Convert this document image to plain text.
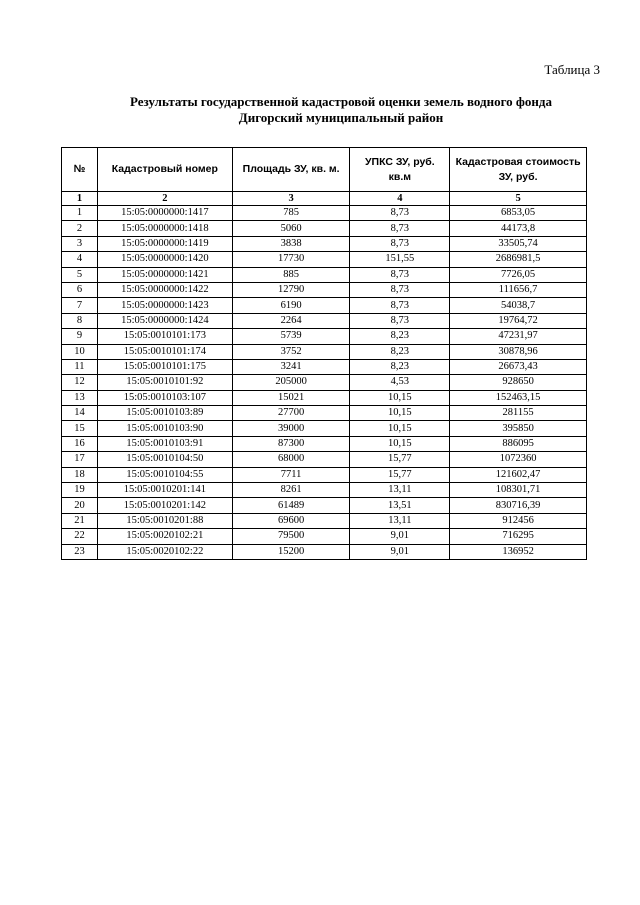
Таблица 3
Результаты государственной кадастровой оценки земель водного фонда
Дигорский муниципальный район
№	Кадастровый номер	Площадь ЗУ, кв. м.	УПКС ЗУ, руб. кв.м	Кадастровая стоимость ЗУ, руб.
1	2	3	4	5
1	15:05:0000000:1417	785	8,73	6853,05
2	15:05:0000000:1418	5060	8,73	44173,8
3	15:05:0000000:1419	3838	8,73	33505,74
4	15:05:0000000:1420	17730	151,55	2686981,5
5	15:05:0000000:1421	885	8,73	7726,05
6	15:05:0000000:1422	12790	8,73	111656,7
7	15:05:0000000:1423	6190	8,73	54038,7
8	15:05:0000000:1424	2264	8,73	19764,72
9	15:05:0010101:173	5739	8,23	47231,97
10	15:05:0010101:174	3752	8,23	30878,96
11	15:05:0010101:175	3241	8,23	26673,43
12	15:05:0010101:92	205000	4,53	928650
13	15:05:0010103:107	15021	10,15	152463,15
14	15:05:0010103:89	27700	10,15	281155
15	15:05:0010103:90	39000	10,15	395850
16	15:05:0010103:91	87300	10,15	886095
17	15:05:0010104:50	68000	15,77	1072360
18	15:05:0010104:55	7711	15,77	121602,47
19	15:05:0010201:141	8261	13,11	108301,71
20	15:05:0010201:142	61489	13,51	830716,39
21	15:05:0010201:88	69600	13,11	912456
22	15:05:0020102:21	79500	9,01	716295
23	15:05:0020102:22	15200	9,01	136952
